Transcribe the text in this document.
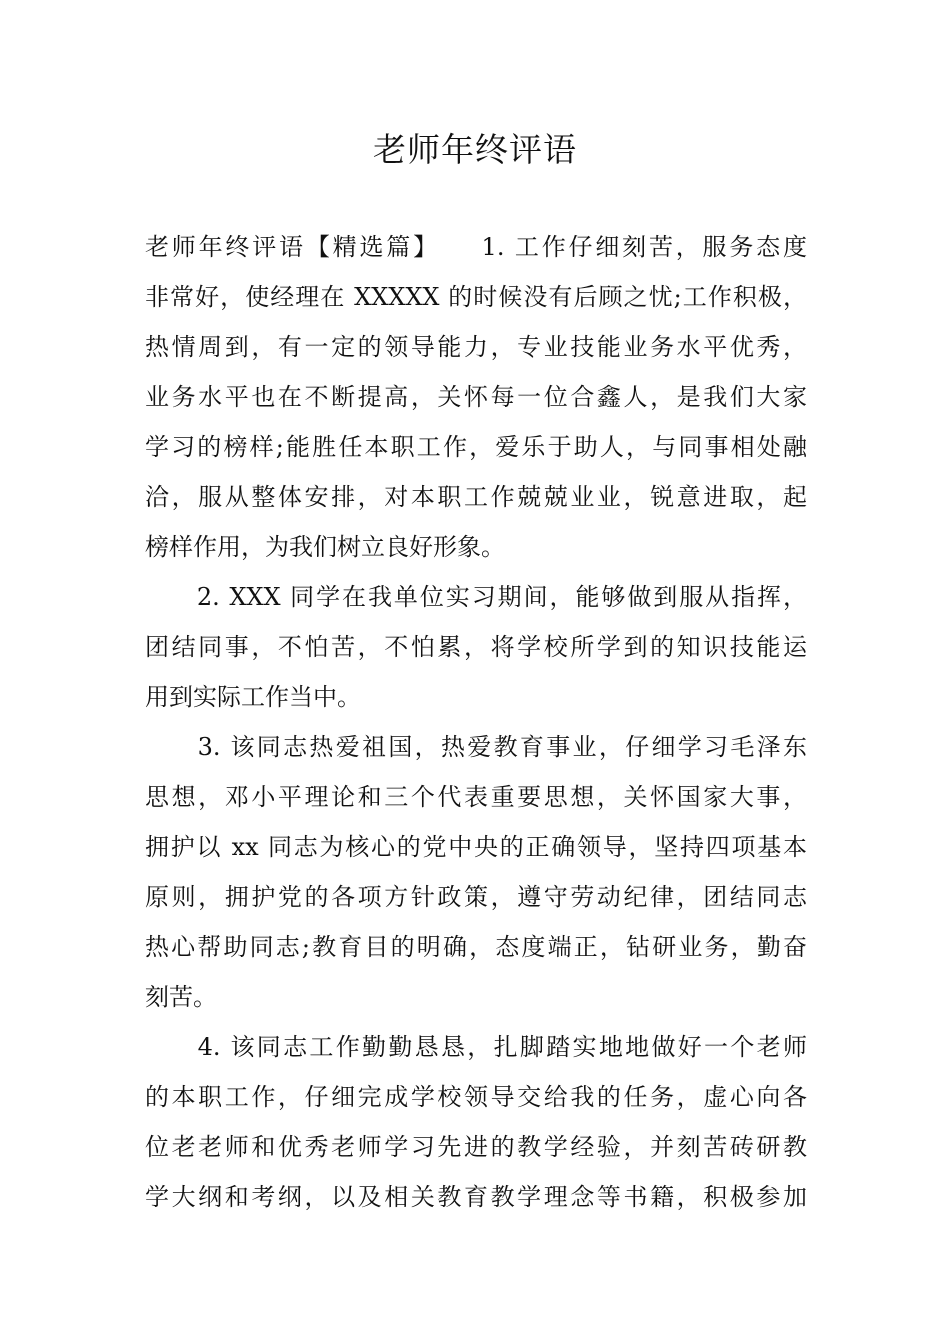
老师年终评语
老师年终评语【精选篇】　　1. 工作仔细刻苦，服务态度
非常好，使经理在 XXXXX 的时候没有后顾之忧;工作积极，
热情周到，有一定的领导能力，专业技能业务水平优秀，
业务水平也在不断提高，关怀每一位合鑫人，是我们大家
学习的榜样;能胜任本职工作，爱乐于助人，与同事相处融
洽，服从整体安排，对本职工作兢兢业业，锐意进取，起
榜样作用，为我们树立良好形象。
　　2. XXX 同学在我单位实习期间，能够做到服从指挥，
团结同事，不怕苦，不怕累，将学校所学到的知识技能运
用到实际工作当中。
　　3. 该同志热爱祖国，热爱教育事业，仔细学习毛泽东
思想，邓小平理论和三个代表重要思想，关怀国家大事，
拥护以 xx 同志为核心的党中央的正确领导，坚持四项基本
原则，拥护党的各项方针政策，遵守劳动纪律，团结同志
热心帮助同志;教育目的明确，态度端正，钻研业务，勤奋
刻苦。
　　4. 该同志工作勤勤恳恳，扎脚踏实地地做好一个老师
的本职工作，仔细完成学校领导交给我的任务，虚心向各
位老老师和优秀老师学习先进的教学经验，并刻苦砖研教
学大纲和考纲，以及相关教育教学理念等书籍，积极参加
